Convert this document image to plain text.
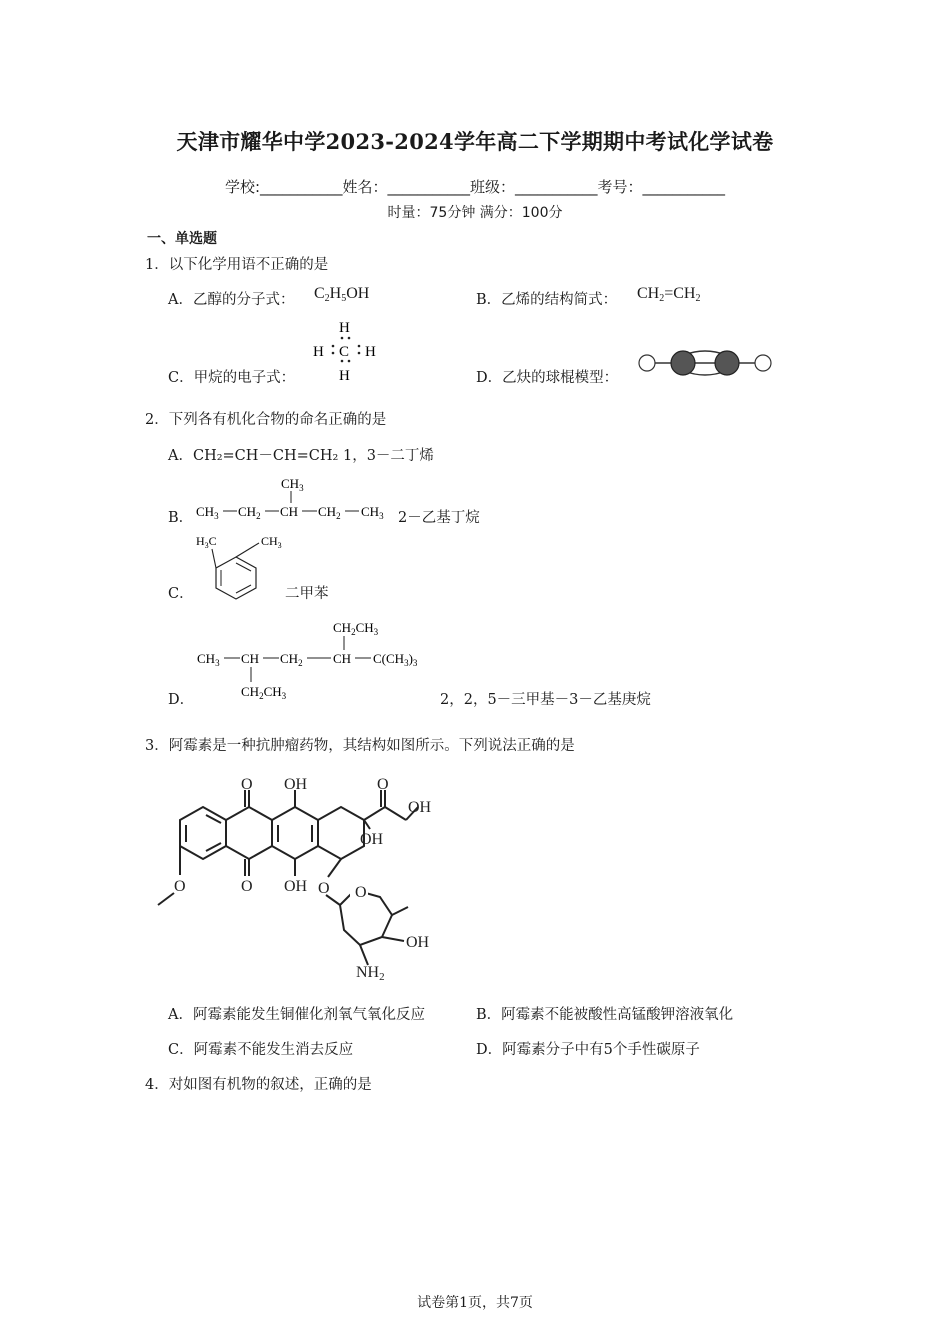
天津市耀华中学2023-2024学年高二下学期期中考试化学试卷
学校:___________姓名：___________班级：___________考号：___________
时量：75分钟 满分：100分
一、单选题
1．以下化学用语不正确的是
A．乙醇的分子式： $C_2H_5OH$	B．乙烯的结构简式： $CH_2=CH_2$
C．甲烷的电子式：
H
H
H C H
D．乙炔的球棍模型：
2．下列各有机化合物的命名正确的是
A．CH₂=CH－CH=CH₂ 1，3－二丁烯
B．
$CH_3$
$CH_3$ $CH_2$ CH $CH_2$ $CH_3$ 2－乙基丁烷
C．
$H_3C$	$CH_3$
二甲苯
D．
$CH_2CH_3$
$CH_3$ CH $CH_2$ CH $C(CH_3)_3$
$CH_2CH_3$	2，2，5－三甲基－3－乙基庚烷
3．阿霉素是一种抗肿瘤药物，其结构如图所示。下列说法正确的是
O
O
OH
OH
O
OH
OH
O	O O
OH
NH2
A．阿霉素能发生铜催化剂氧气氧化反应	B．阿霉素不能被酸性高锰酸钾溶液氧化
C．阿霉素不能发生消去反应	D．阿霉素分子中有5个手性碳原子
4．对如图有机物的叙述，正确的是
试卷第1页，共7页
